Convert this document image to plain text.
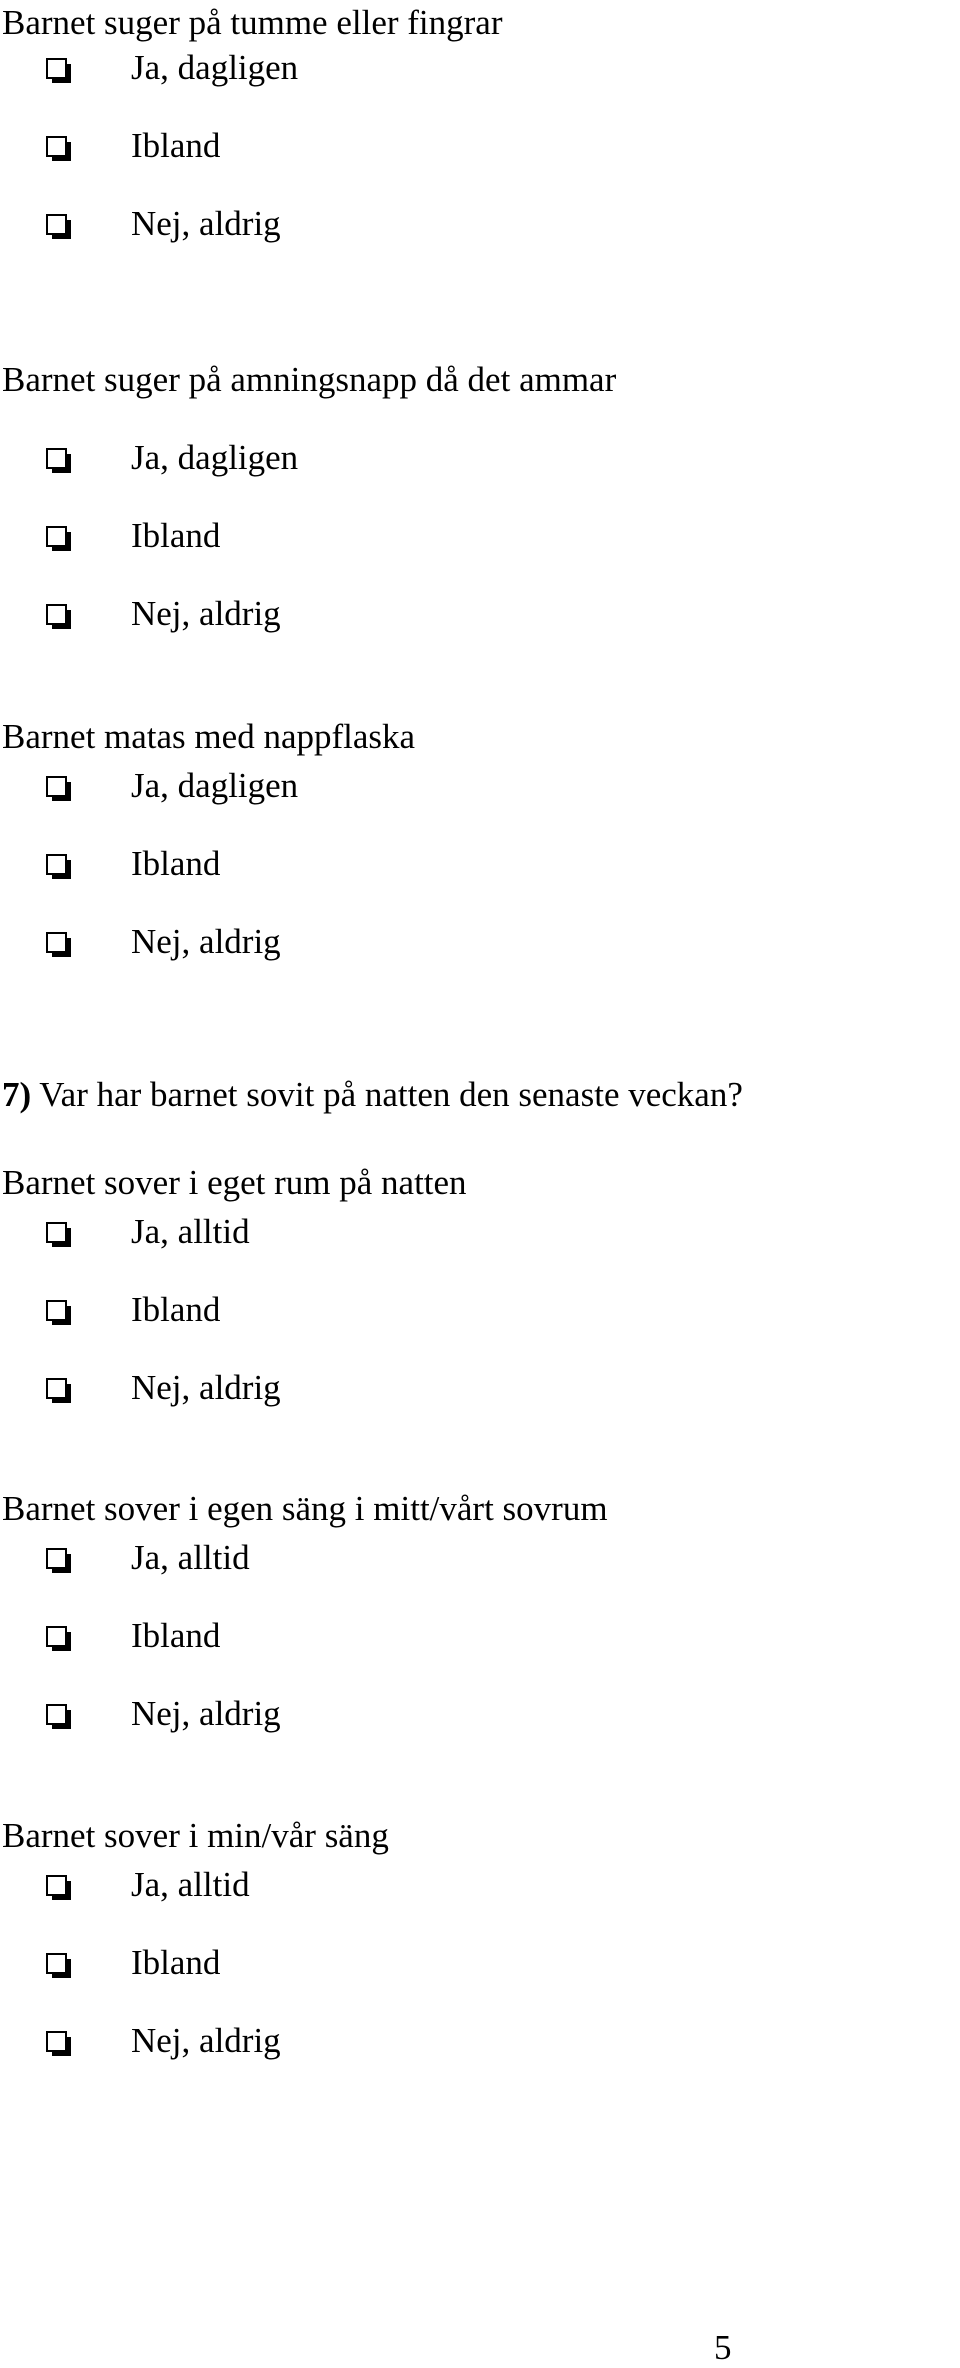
Barnet suger på tumme eller fingrar

Ja, dagligen
Ibland
Nej, aldrig

Barnet suger på amningsnapp då det ammar

Ja, dagligen
Ibland
Nej, aldrig

Barnet matas med nappflaska

Ja, dagligen
Ibland
Nej, aldrig

7) Var har barnet sovit på natten den senaste veckan?

Barnet sover i eget rum på natten

Ja, alltid
Ibland
Nej, aldrig

Barnet sover i egen säng i mitt/vårt sovrum

Ja, alltid
Ibland
Nej, aldrig

Barnet sover i min/vår säng

Ja, alltid
Ibland
Nej, aldrig
5
